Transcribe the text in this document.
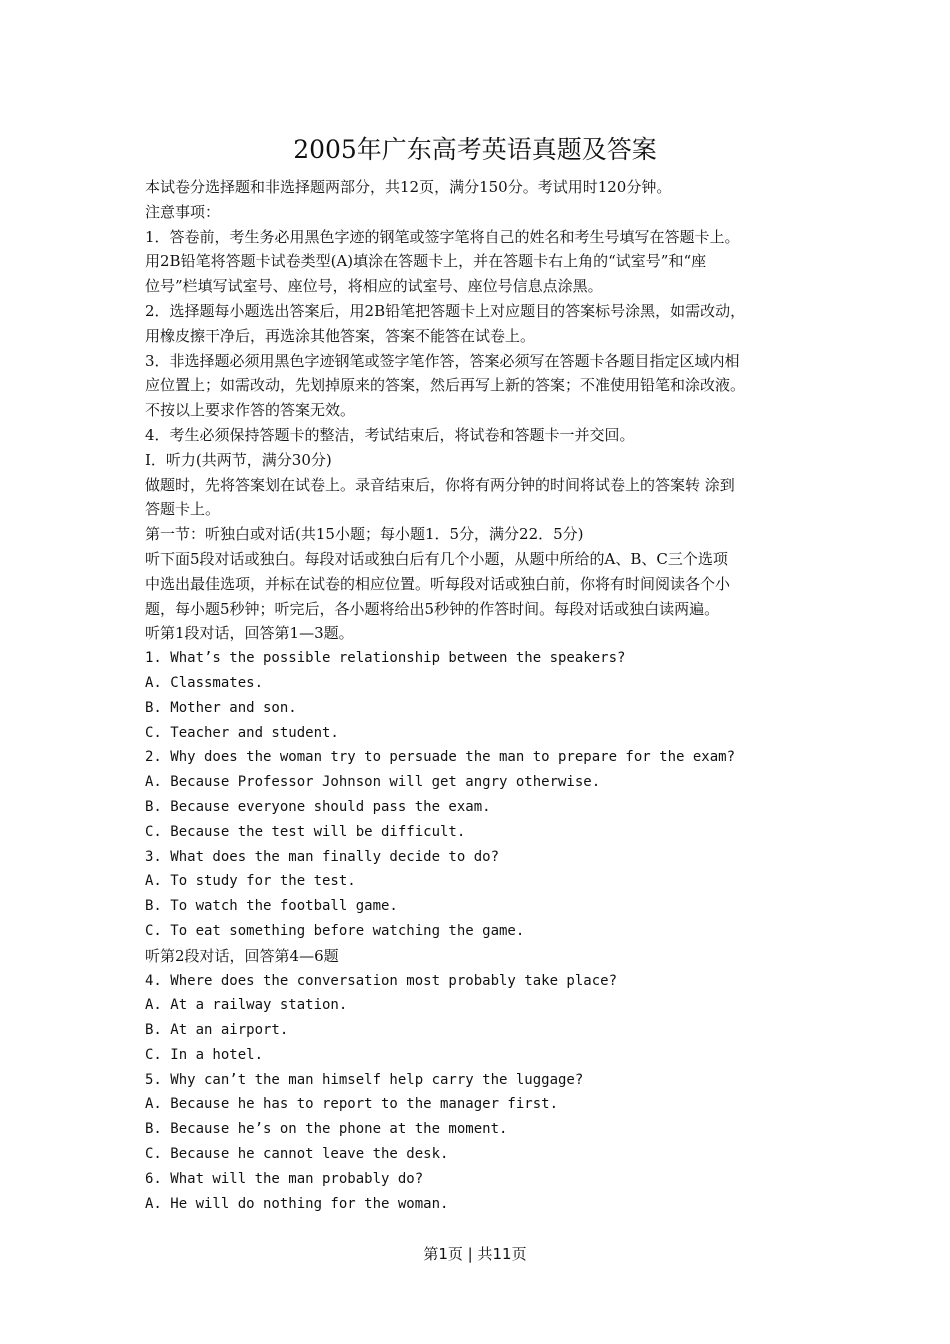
2005年广东高考英语真题及答案
本试卷分选择题和非选择题两部分，共12页，满分150分。考试用时120分钟。
注意事项：
1．答卷前，考生务必用黑色字迹的钢笔或签字笔将自己的姓名和考生号填写在答题卡上。
用2B铅笔将答题卡试卷类型(A)填涂在答题卡上，并在答题卡右上角的“试室号”和“座
位号”栏填写试室号、座位号，将相应的试室号、座位号信息点涂黑。
2．选择题每小题选出答案后，用2B铅笔把答题卡上对应题目的答案标号涂黑，如需改动，
用橡皮擦干净后，再选涂其他答案，答案不能答在试卷上。
3．非选择题必须用黑色字迹钢笔或签字笔作答，答案必须写在答题卡各题目指定区域内相
应位置上；如需改动，先划掉原来的答案，然后再写上新的答案；不准使用铅笔和涂改液。
不按以上要求作答的答案无效。
4．考生必须保持答题卡的整洁，考试结束后，将试卷和答题卡一并交回。
I．听力(共两节，满分30分)
做题时，先将答案划在试卷上。录音结束后，你将有两分钟的时间将试卷上的答案转 涂到
答题卡上。
第一节：听独白或对话(共15小题；每小题1．5分，满分22．5分)
听下面5段对话或独白。每段对话或独白后有几个小题，从题中所给的A、B、C三个选项
中选出最佳选项，并标在试卷的相应位置。听每段对话或独白前，你将有时间阅读各个小
题，每小题5秒钟；听完后，各小题将给出5秒钟的作答时间。每段对话或独白读两遍。
听第1段对话，回答第1—3题。
1. What’s the possible relationship between the speakers?
A. Classmates.
B. Mother and son.
C. Teacher and student.
2. Why does the woman try to persuade the man to prepare for the exam?
A. Because Professor Johnson will get angry otherwise.
B. Because everyone should pass the exam.
C. Because the test will be difficult.
3. What does the man finally decide to do?
A. To study for the test.
B. To watch the football game.
C. To eat something before watching the game.
听第2段对话，回答第4—6题
4. Where does the conversation most probably take place?
A. At a railway station.
B. At an airport.
C. In a hotel.
5. Why can’t the man himself help carry the luggage?
A. Because he has to report to the manager first.
B. Because he’s on the phone at the moment.
C. Because he cannot leave the desk.
6. What will the man probably do?
A. He will do nothing for the woman.
第1页 | 共11页
